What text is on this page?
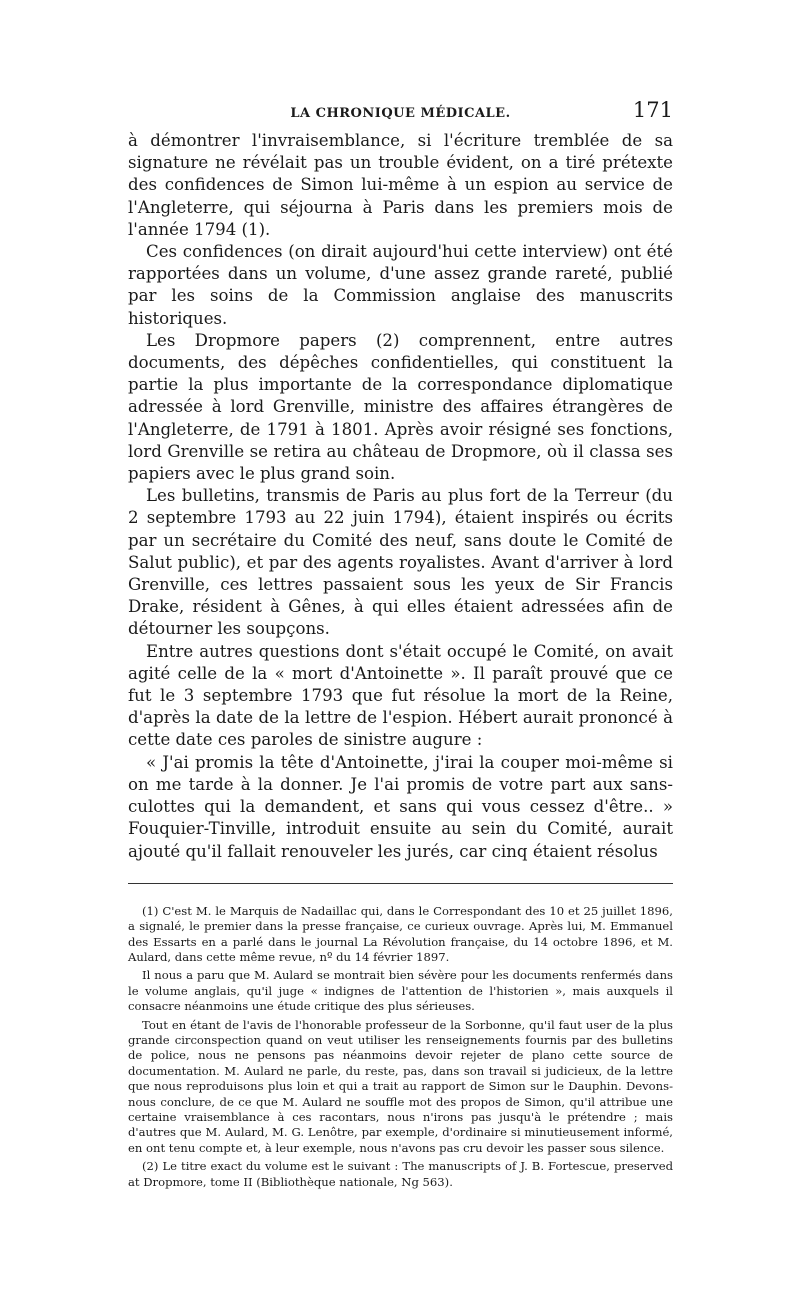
LA CHRONIQUE MÉDICALE.	171

à démontrer l'invraisemblance, si l'écriture tremblée de sa signature ne révélait pas un trouble évident, on a tiré prétexte des confidences de Simon lui-même à un espion au service de l'Angleterre, qui séjourna à Paris dans les premiers mois de l'année 1794 (1).

Ces confidences (on dirait aujourd'hui cette interview) ont été rapportées dans un volume, d'une assez grande rareté, publié par les soins de la Commission anglaise des manuscrits historiques.

Les Dropmore papers (2) comprennent, entre autres documents, des dépêches confidentielles, qui constituent la partie la plus importante de la correspondance diplomatique adressée à lord Grenville, ministre des affaires étrangères de l'Angleterre, de 1791 à 1801. Après avoir résigné ses fonctions, lord Grenville se retira au château de Dropmore, où il classa ses papiers avec le plus grand soin.

Les bulletins, transmis de Paris au plus fort de la Terreur (du 2 septembre 1793 au 22 juin 1794), étaient inspirés ou écrits par un secrétaire du Comité des neuf, sans doute le Comité de Salut public), et par des agents royalistes. Avant d'arriver à lord Grenville, ces lettres passaient sous les yeux de Sir Francis Drake, résident à Gênes, à qui elles étaient adressées afin de détourner les soupçons.

Entre autres questions dont s'était occupé le Comité, on avait agité celle de la « mort d'Antoinette ». Il paraît prouvé que ce fut le 3 septembre 1793 que fut résolue la mort de la Reine, d'après la date de la lettre de l'espion. Hébert aurait prononcé à cette date ces paroles de sinistre augure :

« J'ai promis la tête d'Antoinette, j'irai la couper moi-même si on me tarde à la donner. Je l'ai promis de votre part aux sans-culottes qui la demandent, et sans qui vous cessez d'être.. » Fouquier-Tinville, introduit ensuite au sein du Comité, aurait ajouté qu'il fallait renouveler les jurés, car cinq étaient résolus

(1) C'est M. le Marquis de Nadaillac qui, dans le Correspondant des 10 et 25 juillet 1896, a signalé, le premier dans la presse française, ce curieux ouvrage. Après lui, M. Emmanuel des Essarts en a parlé dans le journal La Révolution française, du 14 octobre 1896, et M. Aulard, dans cette même revue, nº du 14 février 1897.

Il nous a paru que M. Aulard se montrait bien sévère pour les documents renfermés dans le volume anglais, qu'il juge « indignes de l'attention de l'historien », mais auxquels il consacre néanmoins une étude critique des plus sérieuses.

Tout en étant de l'avis de l'honorable professeur de la Sorbonne, qu'il faut user de la plus grande circonspection quand on veut utiliser les renseignements fournis par des bulletins de police, nous ne pensons pas néanmoins devoir rejeter de plano cette source de documentation. M. Aulard ne parle, du reste, pas, dans son travail si judicieux, de la lettre que nous reproduisons plus loin et qui a trait au rapport de Simon sur le Dauphin. Devons-nous conclure, de ce que M. Aulard ne souffle mot des propos de Simon, qu'il attribue une certaine vraisemblance à ces racontars, nous n'irons pas jusqu'à le prétendre ; mais d'autres que M. Aulard, M. G. Lenôtre, par exemple, d'ordinaire si minutieusement informé, en ont tenu compte et, à leur exemple, nous n'avons pas cru devoir les passer sous silence.

(2) Le titre exact du volume est le suivant : The manuscripts of J. B. Fortescue, preserved at Dropmore, tome II (Bibliothèque nationale, Ng 563).
